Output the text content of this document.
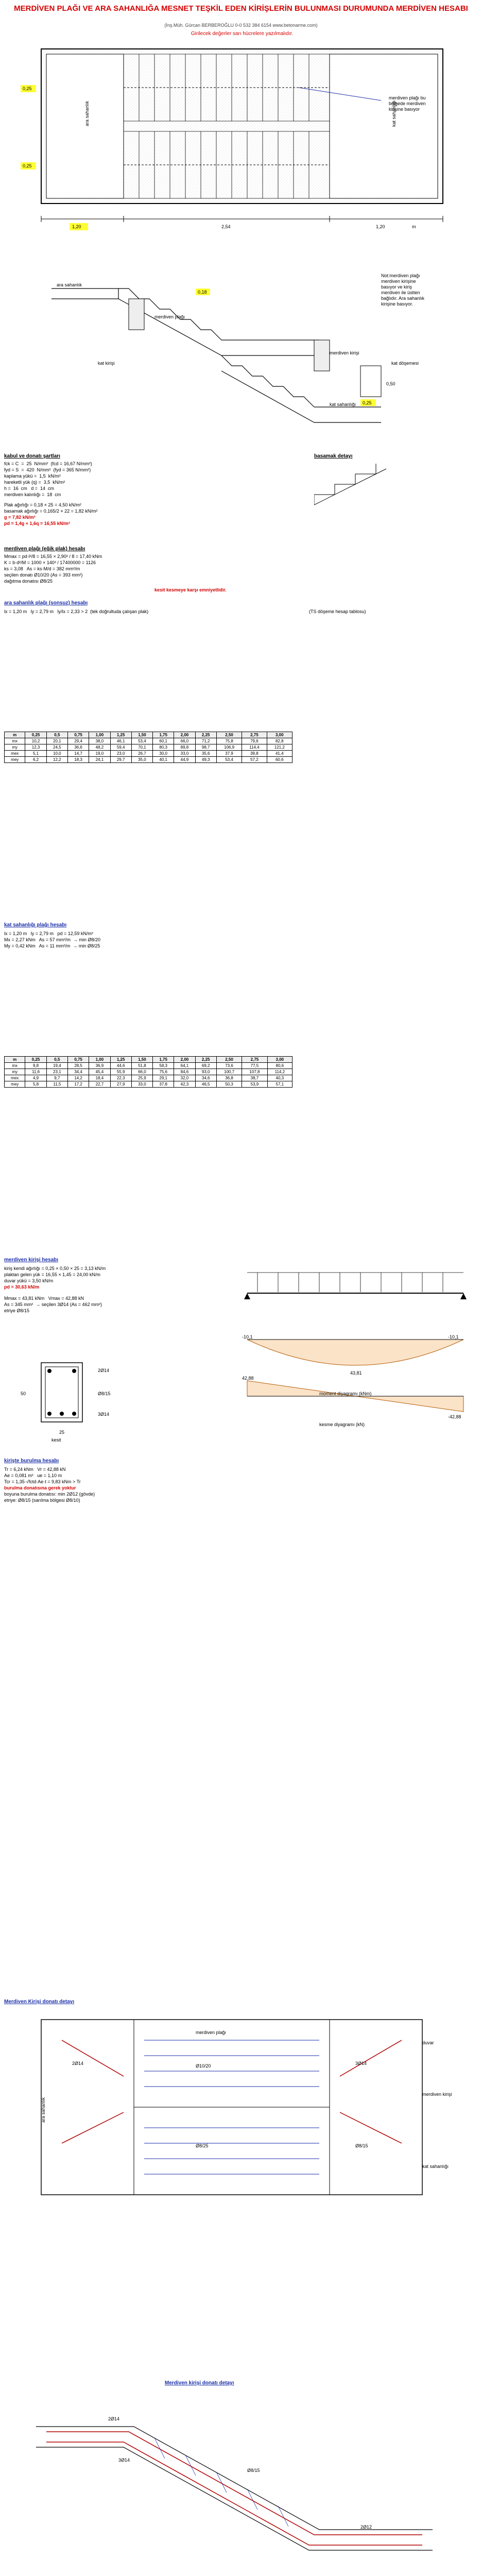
MERDİVEN PLAĞI VE ARA SAHANLIĞA MESNET TEŞKİL EDEN KİRİŞLERİN BULUNMASI DURUMUNDA MERDİVEN HESABI
(İnş.Müh. Gürcan BERBEROĞLU 0-0 532 384 6154 www.betonarme.com)
Girilecek değerler sarı hücrelere yazılmalıdır.
ara sahanlık	kat sahanlığı
merdiven plağı bu
bölgede merdiven
kirişine basıyor
0,25
0,25
1,20	2,54	1,20	m
ara sahanlık
kat sahanlığı
merdiven plağı
merdiven kirişi
kat kirişi	kat döşemesi
Not:merdiven plağı
merdiven kirişine
basıyor ve kiriş
merdiven ile üstten
bağlıdır. Ara sahanlık
kirişine basıyor.
0,18
0,25
0,50
kabul ve donatı şartları
fck = C  =  25  N/mm²  (fcd = 16,67 N/mm²)
fyd = S  =  420  N/mm²  (fyd = 365 N/mm²)
kaplama yükü =  1,5  kN/m²
hareketli yük (q) =  3,5  kN/m²
h =  16  cm   d =  14  cm
merdiven kalınlığı =  18  cm
Plak ağırlığı = 0,18 × 25 = 4,50 kN/m²
basamak ağırlığı = 0,165/2 × 22 = 1,82 kN/m²
g = 7,82 kN/m²
pd = 1,4g + 1,6q = 16,55 kN/m²
basamak detayı
merdiven plağı (eğik plak) hesabı
Mmax = pd·l²/8 = 16,55 × 2,90² / 8 = 17,40 kNm
K = b·d²/M = 1000 × 140² / 17400000 = 1126
ks = 3,08   As = ks·M/d = 382 mm²/m
seçilen donatı Ø10/20 (As = 393 mm²)
dağıtma donatısı Ø8/25
kesit kesmeye karşı emniyetlidir.
ara sahanlık plağı (sonsuz) hesabı
lx = 1,20 m   ly = 2,79 m   ly/lx = 2,33 > 2  (tek doğrultuda çalışan plak)	(TS döşeme hesap tablosu)
m	0,25	0,5	0,75	1,00	1,25	1,50	1,75	2,00	2,25	2,50	2,75	3,00
mx	10,2	20,1	29,4	38,0	46,1	53,4	60,1	66,0	71,2	75,8	79,6	82,8
my	12,3	24,5	36,6	48,2	59,4	70,1	80,3	89,8	98,7	106,9	114,4	121,2
mex	5,1	10,0	14,7	19,0	23,0	26,7	30,0	33,0	35,6	37,9	39,8	41,4
mey	6,2	12,2	18,3	24,1	29,7	35,0	40,1	44,9	49,3	53,4	57,2	60,6
kat sahanlığı plağı hesabı
lx = 1,20 m   ly = 2,79 m   pd = 12,59 kN/m²
Mx = 2,27 kNm   As = 57 mm²/m  → min Ø8/20
My = 0,42 kNm   As = 11 mm²/m  → min Ø8/25
m	0,25	0,5	0,75	1,00	1,25	1,50	1,75	2,00	2,25	2,50	2,75	3,00
mx	9,8	19,4	28,5	36,9	44,6	51,8	58,3	64,1	69,2	73,6	77,5	80,6
my	11,6	23,1	34,4	45,4	55,9	66,0	75,6	84,6	93,0	100,7	107,8	114,2
mex	4,9	9,7	14,2	18,4	22,3	25,9	29,1	32,0	34,6	36,8	38,7	40,3
mey	5,8	11,5	17,2	22,7	27,9	33,0	37,8	42,3	46,5	50,3	53,9	57,1
merdiven kirişi hesabı
kiriş kendi ağırlığı = 0,25 × 0,50 × 25 = 3,13 kN/m
plaktan gelen yük = 16,55 × 1,45 = 24,00 kN/m
duvar yükü = 3,50 kN/m
pd = 30,63 kN/m
Mmax = 43,81 kNm   Vmax = 42,88 kN
As = 345 mm²  → seçilen 3Ø14 (As = 462 mm²)
etriye Ø8/15
moment diyagramı (kNm)
-10,1
43,81
-10,1
kesme diyagramı (kN)
42,88
-42,88
2Ø14
3Ø14
Ø8/15
25
50
kesit
kirişte burulma hesabı
Tr = 6,24 kNm   Vr = 42,88 kN
Ae = 0,081 m²   ue = 1,10 m
Tcr = 1,35·√fctd·Ae·t = 9,83 kNm > Tr
burulma donatısına gerek yoktur
boyuna burulma donatısı: min 2Ø12 (gövde)
etriye: Ø8/15 (sarılma bölgesi Ø8/10)
Merdiven Kirişi donatı detayı
merdiven kirişi
merdiven plağı
ara sahanlık
kat sahanlığı
duvar
Ø10/20
Ø8/25
2Ø14	3Ø14
Ø8/15
Merdiven kirişi donatı detayı
2Ø14
3Ø14
Ø8/15
2Ø12
